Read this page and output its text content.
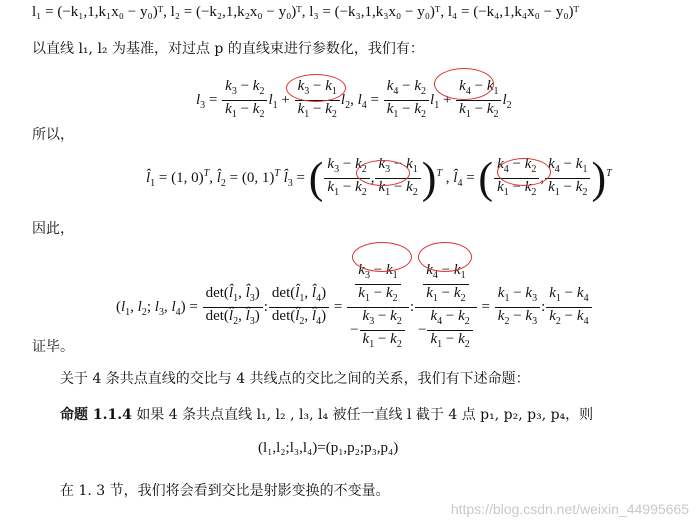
l₁ = (−k₁,1,k₁x₀ − y₀)ᵀ, l₂ = (−k₂,1,k₂x₀ − y₀)ᵀ, l₃ = (−k₃,1,k₃x₀ − y₀)ᵀ, l₄ = (−k₄,1,k₄x₀ − y₀)ᵀ
以直线 l₁, l₂ 为基准，对过点 p 的直线束进行参数化，我们有：
$l_3 = \frac{k_3 - k_2}{k_1 - k_2} l_1 + \frac{k_3 - k_1}{k_1 - k_2} l_2$, $l_4 = \frac{k_4 - k_2}{k_1 - k_2} l_1 + \frac{k_4 - k_1}{k_1 - k_2} l_2$
所以，
$l̂_1 = (1$, 0)$^T$, $l̂_2 = (0$, 1)$^T$ $l̂_3$ = ( $\frac{k_3 - k_2}{k_1 - k_2}$ , $\frac{k_3 - k_1}{k_1 - k_2} )^T$ , $l̂_4$ = ( $\frac{k_4 - k_2}{k_1 - k_2}$ , $\frac{k_4 - k_1}{k_1 - k_2} )^T$
因此，
($l_1$, $l_2$; $l_3$, $l_4) = \frac{\det(l̂_1, l̂_3)}{\det(l̂_2, l̂_3)}$ : $\frac{\det(l̂_1, l̂_4)}{\det(l̂_2, l̂_4)} = \frac{\frac{k_3 - k_1}{k_1 - k_2}}{- \frac{k_3 - k_2}{k_1 - k_2}}$ : $\frac{\frac{k_4 - k_1}{k_1 - k_2}}{- \frac{k_4 - k_2}{k_1 - k_2}} = \frac{k_1 - k_3}{k_2 - k_3}$ : $\frac{k_1 - k_4}{k_2 - k_4}$
证毕。
关于 4 条共点直线的交比与 4 共线点的交比之间的关系，我们有下述命题：
命题 1.1.4 如果 4 条共点直线 l₁, l₂ , l₃, l₄ 被任一直线 l 截于 4 点 p₁, p₂, p₃, p₄，则
(l₁,l₂;l₃,l₄)=(p₁,p₂;p₃,p₄)
在 1. 3 节，我们将会看到交比是射影变换的不变量。
https://blog.csdn.net/weixin_44995665
